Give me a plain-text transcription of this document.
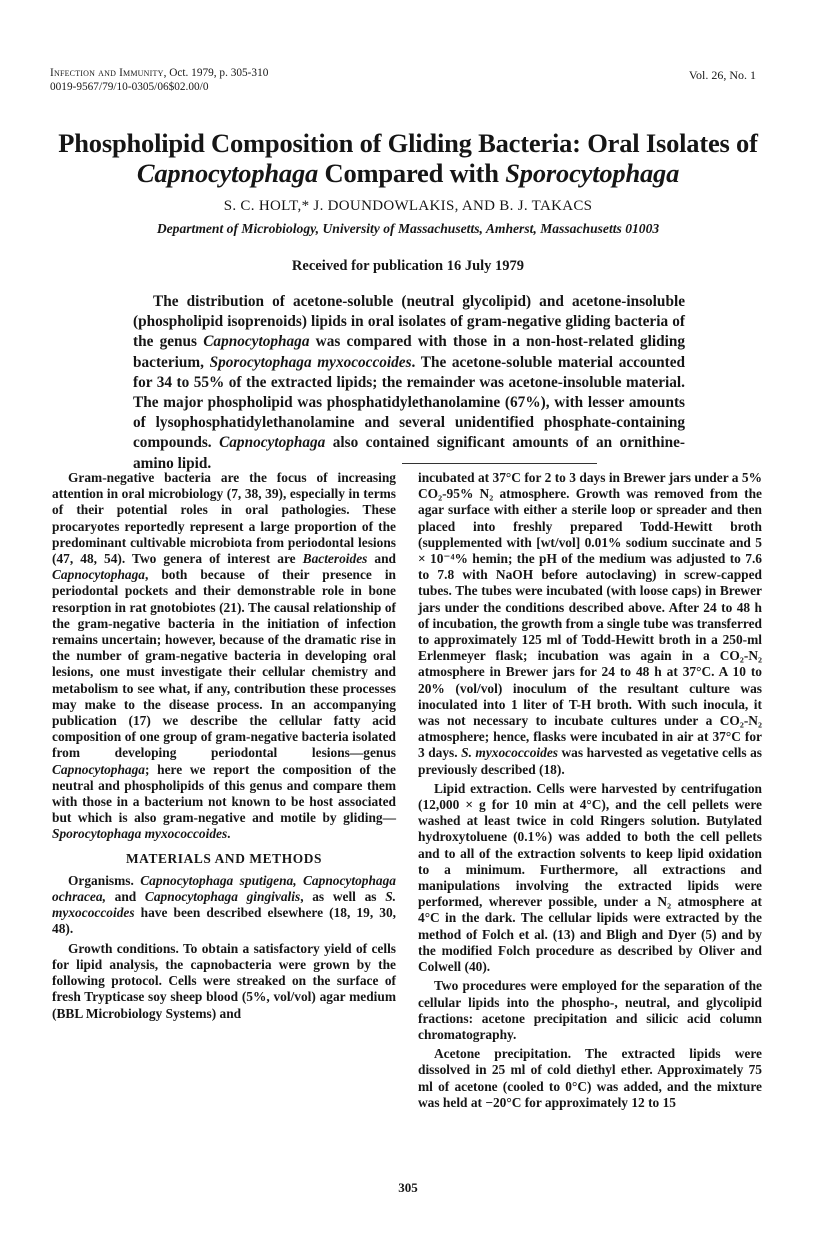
Infection and Immunity, Oct. 1979, p. 305-310
0019-9567/79/10-0305/06$02.00/0
Vol. 26, No. 1
Phospholipid Composition of Gliding Bacteria: Oral Isolates of
Capnocytophaga Compared with Sporocytophaga
S. C. HOLT,* J. DOUNDOWLAKIS, AND B. J. TAKACS
Department of Microbiology, University of Massachusetts, Amherst, Massachusetts 01003
Received for publication 16 July 1979
The distribution of acetone-soluble (neutral glycolipid) and acetone-insoluble (phospholipid isoprenoids) lipids in oral isolates of gram-negative gliding bacteria of the genus Capnocytophaga was compared with those in a non-host-related gliding bacterium, Sporocytophaga myxococcoides. The acetone-soluble material accounted for 34 to 55% of the extracted lipids; the remainder was acetone-insoluble material. The major phospholipid was phosphatidylethanolamine (67%), with lesser amounts of lysophosphatidylethanolamine and several unidentified phosphate-containing compounds. Capnocytophaga also contained significant amounts of an ornithine-amino lipid.

Gram-negative bacteria are the focus of increasing attention in oral microbiology (7, 38, 39), especially in terms of their potential roles in oral pathologies. These procaryotes reportedly represent a large proportion of the predominant cultivable microbiota from periodontal lesions (47, 48, 54). Two genera of interest are Bacteroides and Capnocytophaga, both because of their presence in periodontal pockets and their demonstrable role in bone resorption in rat gnotobiotes (21). The causal relationship of the gram-negative bacteria in the initiation of infection remains uncertain; however, because of the dramatic rise in the number of gram-negative bacteria in developing oral lesions, one must investigate their cellular chemistry and metabolism to see what, if any, contribution these processes may make to the disease process. In an accompanying publication (17) we describe the cellular fatty acid composition of one group of gram-negative bacteria isolated from developing periodontal lesions—genus Capnocytophaga; here we report the composition of the neutral and phospholipids of this genus and compare them with those in a bacterium not known to be host associated but which is also gram-negative and motile by gliding—Sporocytophaga myxococcoides.

MATERIALS AND METHODS

Organisms. Capnocytophaga sputigena, Capnocytophaga ochracea, and Capnocytophaga gingivalis, as well as S. myxococcoides have been described elsewhere (18, 19, 30, 48).

Growth conditions. To obtain a satisfactory yield of cells for lipid analysis, the capnobacteria were grown by the following protocol. Cells were streaked on the surface of fresh Trypticase soy sheep blood (5%, vol/vol) agar medium (BBL Microbiology Systems) and

incubated at 37°C for 2 to 3 days in Brewer jars under a 5% CO₂-95% N₂ atmosphere. Growth was removed from the agar surface with either a sterile loop or spreader and then placed into freshly prepared Todd-Hewitt broth (supplemented with [wt/vol] 0.01% sodium succinate and 5 × 10⁻⁴% hemin; the pH of the medium was adjusted to 7.6 to 7.8 with NaOH before autoclaving) in screw-capped tubes. The tubes were incubated (with loose caps) in Brewer jars under the conditions described above. After 24 to 48 h of incubation, the growth from a single tube was transferred to approximately 125 ml of Todd-Hewitt broth in a 250-ml Erlenmeyer flask; incubation was again in a CO₂-N₂ atmosphere in Brewer jars for 24 to 48 h at 37°C. A 10 to 20% (vol/vol) inoculum of the resultant culture was inoculated into 1 liter of T-H broth. With such inocula, it was not necessary to incubate cultures under a CO₂-N₂ atmosphere; hence, flasks were incubated in air at 37°C for 3 days. S. myxococcoides was harvested as vegetative cells as previously described (18).

Lipid extraction. Cells were harvested by centrifugation (12,000 × g for 10 min at 4°C), and the cell pellets were washed at least twice in cold Ringers solution. Butylated hydroxytoluene (0.1%) was added to both the cell pellets and to all of the extraction solvents to keep lipid oxidation to a minimum. Furthermore, all extractions and manipulations involving the extracted lipids were performed, wherever possible, under a N₂ atmosphere at 4°C in the dark. The cellular lipids were extracted by the method of Folch et al. (13) and Bligh and Dyer (5) and by the modified Folch procedure as described by Oliver and Colwell (40).

Two procedures were employed for the separation of the cellular lipids into the phospho-, neutral, and glycolipid fractions: acetone precipitation and silicic acid column chromatography.

Acetone precipitation. The extracted lipids were dissolved in 25 ml of cold diethyl ether. Approximately 75 ml of acetone (cooled to 0°C) was added, and the mixture was held at −20°C for approximately 12 to 15

305
